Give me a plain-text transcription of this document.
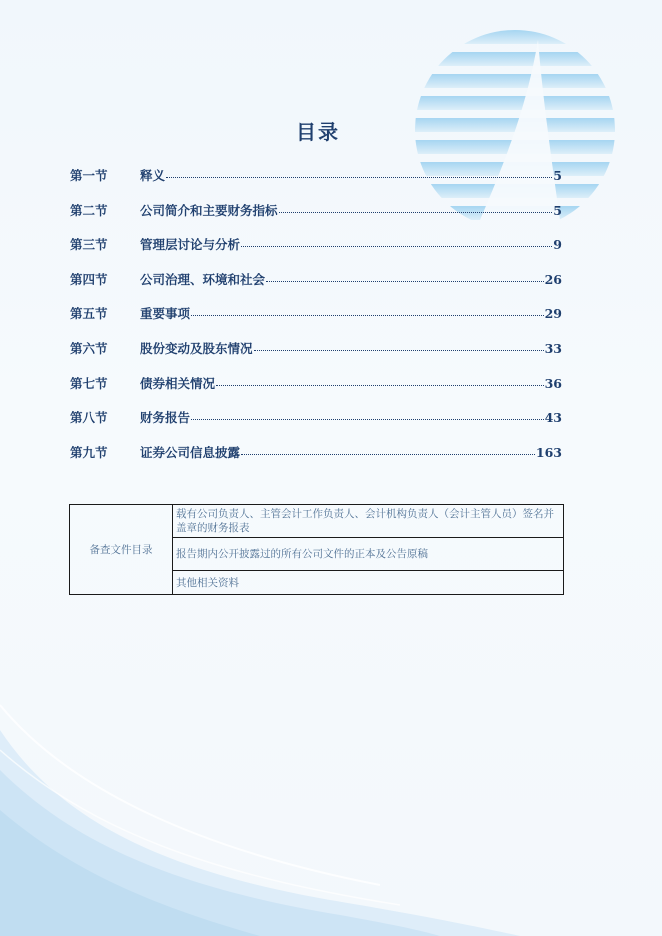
目录
第一节	释义	5
第二节	公司简介和主要财务指标	5
第三节	管理层讨论与分析	9
第四节	公司治理、环境和社会	26
第五节	重要事项	29
第六节	股份变动及股东情况	33
第七节	债券相关情况	36
第八节	财务报告	43
第九节	证券公司信息披露	163
备查文件目录	载有公司负责人、主管会计工作负责人、会计机构负责人（会计主管人员）签名并盖章的财务报表
报告期内公开披露过的所有公司文件的正本及公告原稿
其他相关资料
